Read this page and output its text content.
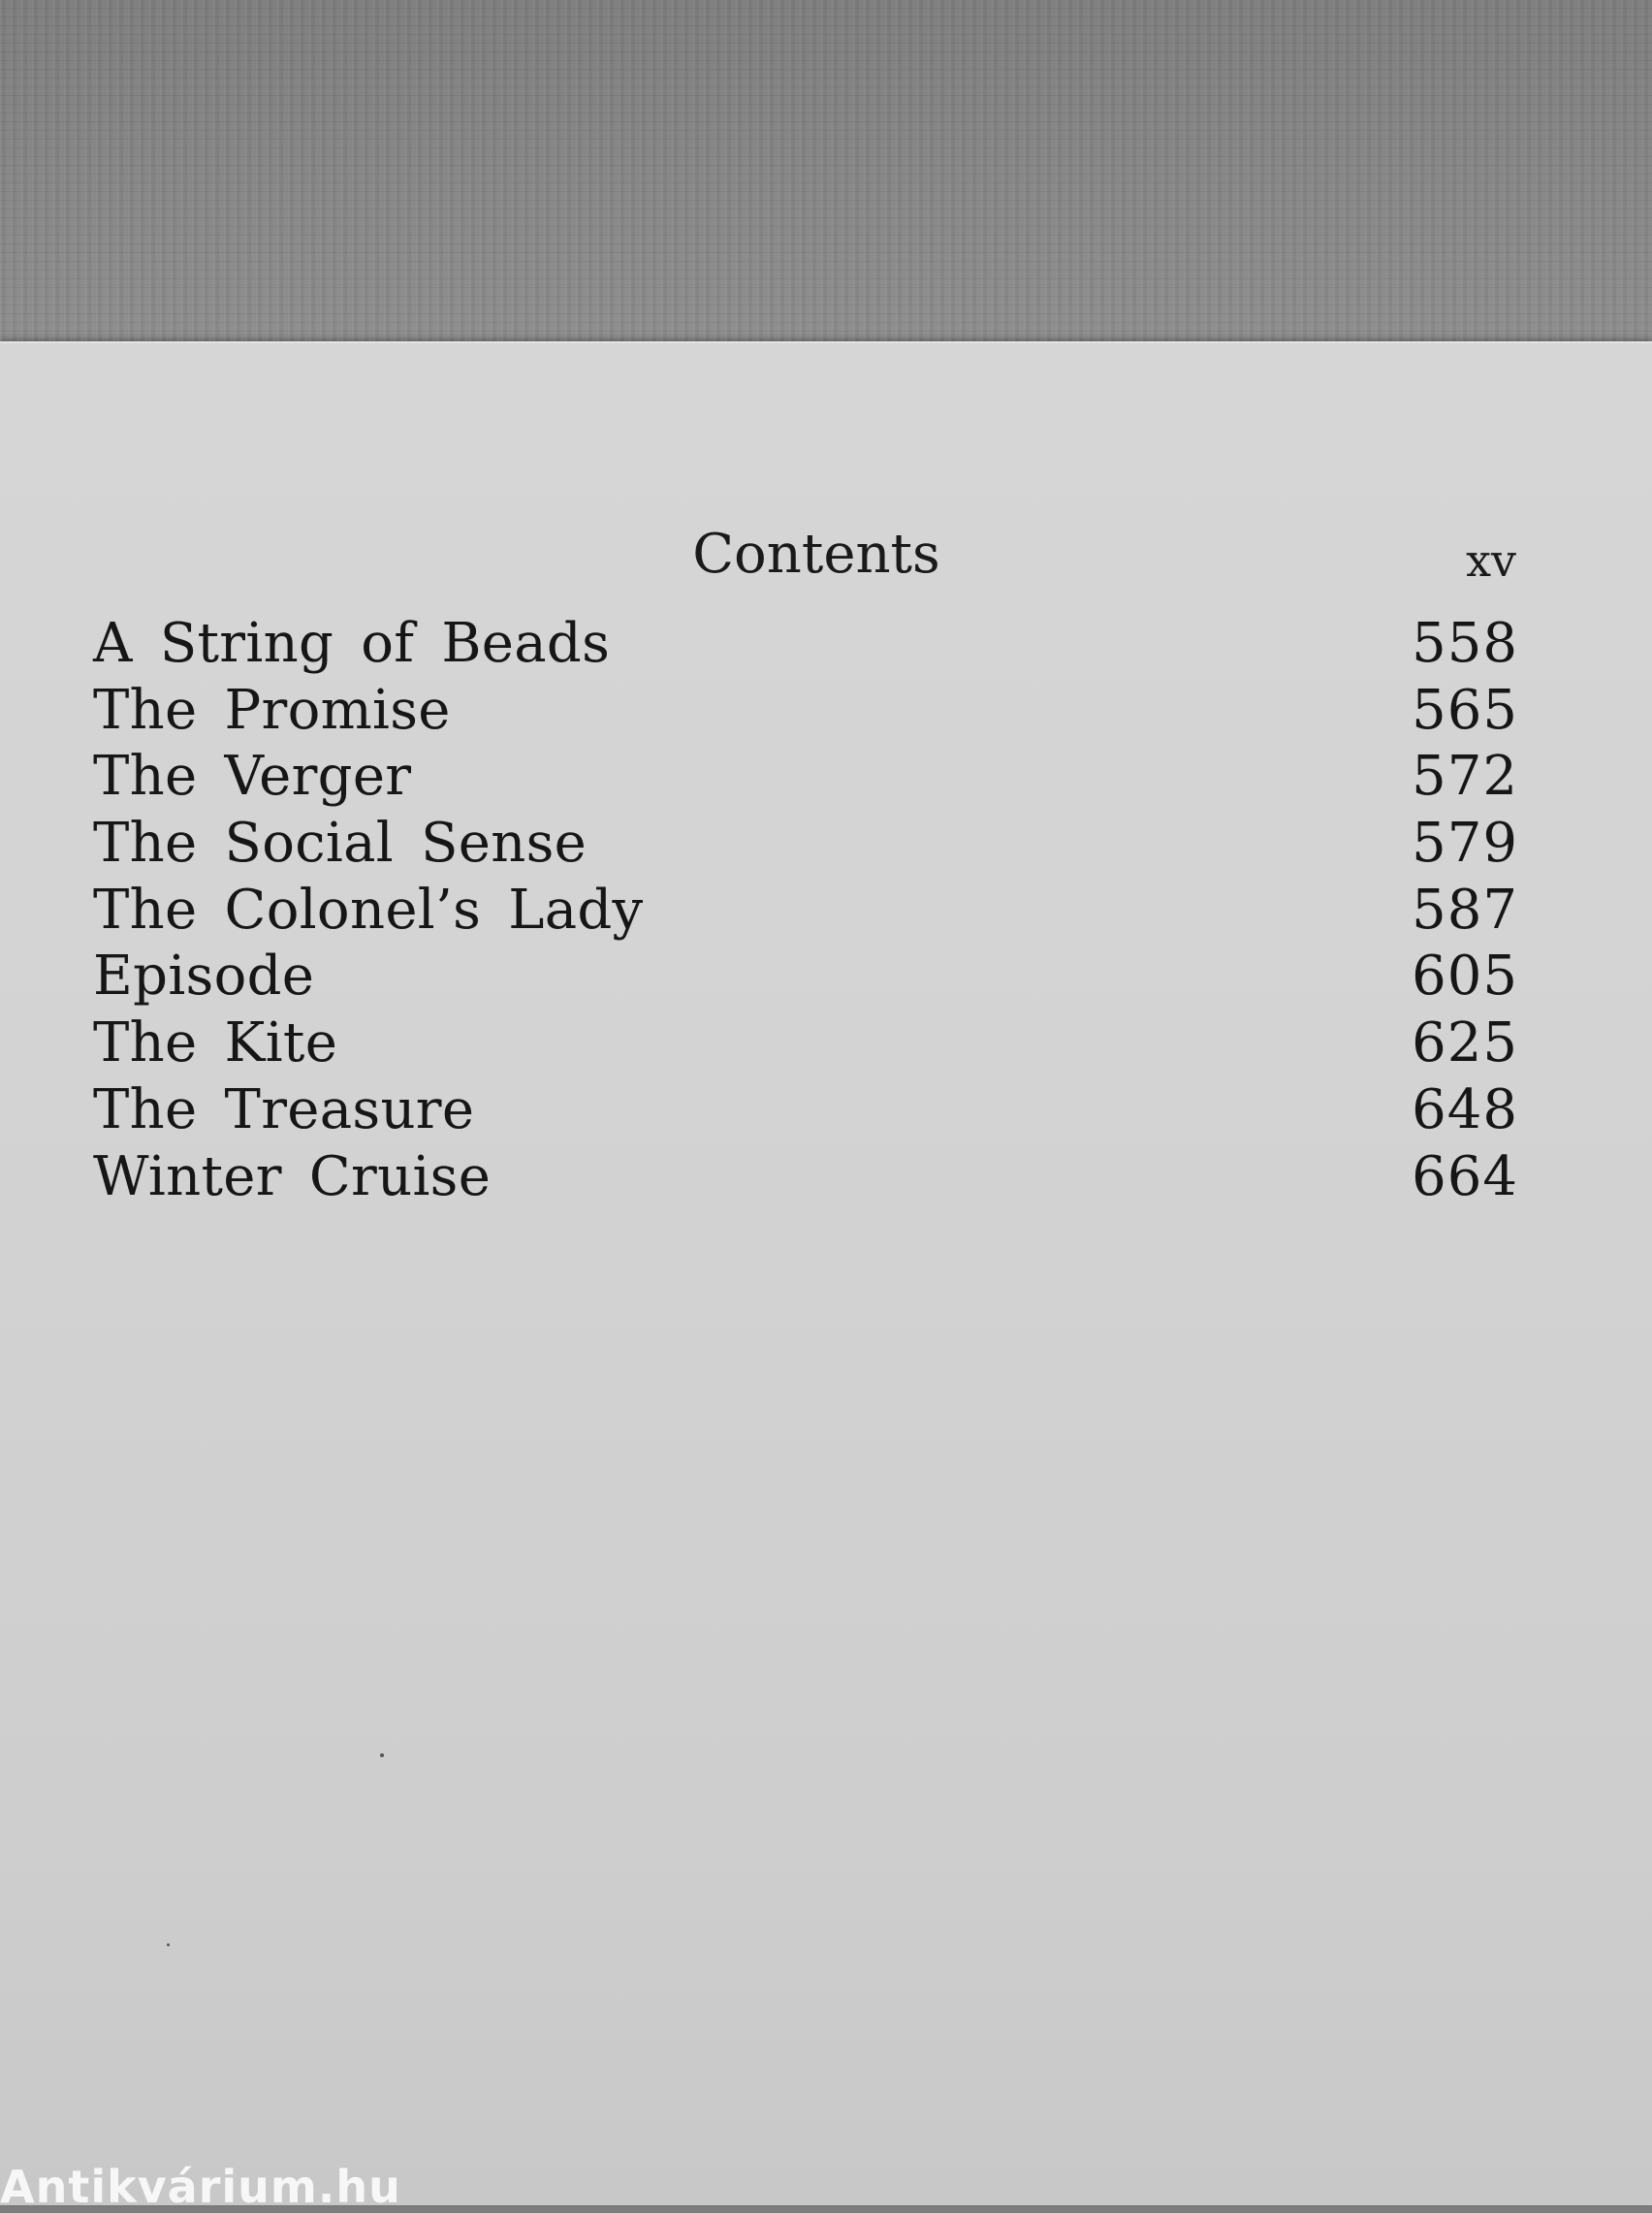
Contents	xv
A String of Beads	558
The Promise	565
The Verger	572
The Social Sense	579
The Colonel’s Lady	587
Episode	605
The Kite	625
The Treasure	648
Winter Cruise	664
Antikvárium.hu
